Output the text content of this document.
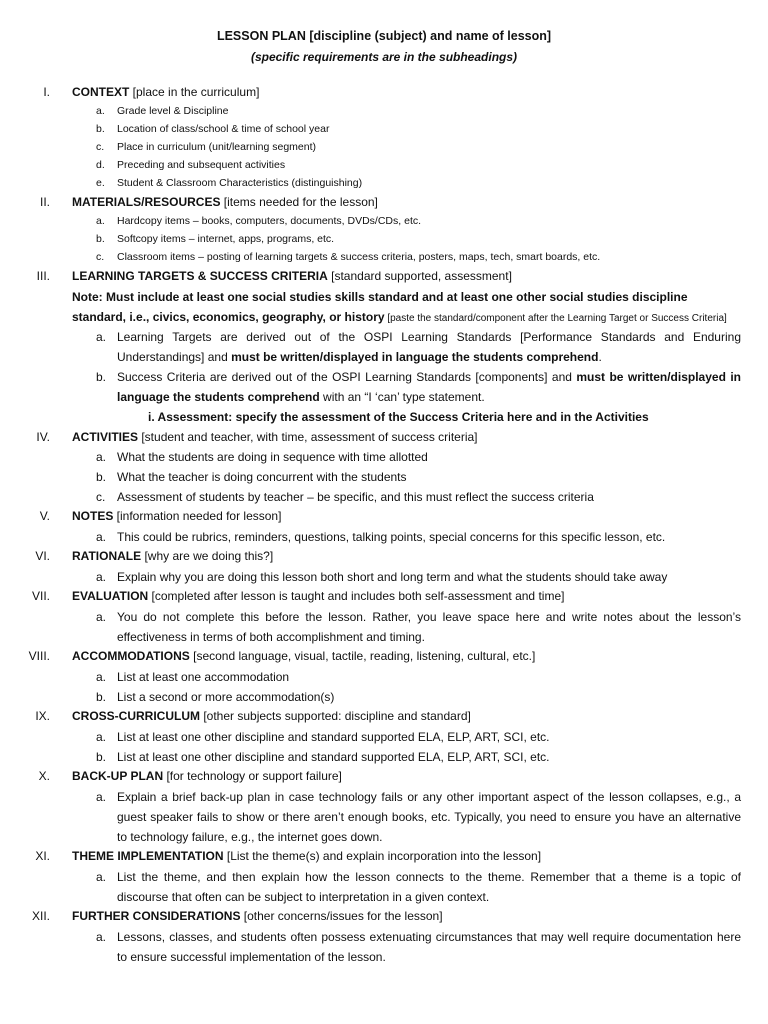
LESSON PLAN [discipline (subject) and name of lesson]
(specific requirements are in the subheadings)
I. CONTEXT [place in the curriculum]
a. Grade level & Discipline
b. Location of class/school & time of school year
c. Place in curriculum (unit/learning segment)
d. Preceding and subsequent activities
e. Student & Classroom Characteristics (distinguishing)
II. MATERIALS/RESOURCES [items needed for the lesson]
a. Hardcopy items – books, computers, documents, DVDs/CDs, etc.
b. Softcopy items – internet, apps, programs, etc.
c. Classroom items – posting of learning targets & success criteria, posters, maps, tech, smart boards, etc.
III. LEARNING TARGETS & SUCCESS CRITERIA [standard supported, assessment]
Note: Must include at least one social studies skills standard and at least one other social studies discipline standard, i.e., civics, economics, geography, or history [paste the standard/component after the Learning Target or Success Criteria]
a. Learning Targets are derived out of the OSPI Learning Standards [Performance Standards and Enduring Understandings] and must be written/displayed in language the students comprehend.
b. Success Criteria are derived out of the OSPI Learning Standards [components] and must be written/displayed in language the students comprehend with an “I ‘can’ type statement.
i. Assessment: specify the assessment of the Success Criteria here and in the Activities
IV. ACTIVITIES [student and teacher, with time, assessment of success criteria]
a. What the students are doing in sequence with time allotted
b. What the teacher is doing concurrent with the students
c. Assessment of students by teacher – be specific, and this must reflect the success criteria
V. NOTES [information needed for lesson]
a. This could be rubrics, reminders, questions, talking points, special concerns for this specific lesson, etc.
VI. RATIONALE [why are we doing this?]
a. Explain why you are doing this lesson both short and long term and what the students should take away
VII. EVALUATION [completed after lesson is taught and includes both self-assessment and time]
a. You do not complete this before the lesson. Rather, you leave space here and write notes about the lesson’s effectiveness in terms of both accomplishment and timing.
VIII. ACCOMMODATIONS [second language, visual, tactile, reading, listening, cultural, etc.]
a. List at least one accommodation
b. List a second or more accommodation(s)
IX. CROSS-CURRICULUM [other subjects supported: discipline and standard]
a. List at least one other discipline and standard supported ELA, ELP, ART, SCI, etc.
b. List at least one other discipline and standard supported ELA, ELP, ART, SCI, etc.
X. BACK-UP PLAN [for technology or support failure]
a. Explain a brief back-up plan in case technology fails or any other important aspect of the lesson collapses, e.g., a guest speaker fails to show or there aren’t enough books, etc. Typically, you need to ensure you have an alternative to technology failure, e.g., the internet goes down.
XI. THEME IMPLEMENTATION [List the theme(s) and explain incorporation into the lesson]
a. List the theme, and then explain how the lesson connects to the theme. Remember that a theme is a topic of discourse that often can be subject to interpretation in a given context.
XII. FURTHER CONSIDERATIONS [other concerns/issues for the lesson]
a. Lessons, classes, and students often possess extenuating circumstances that may well require documentation here to ensure successful implementation of the lesson.
